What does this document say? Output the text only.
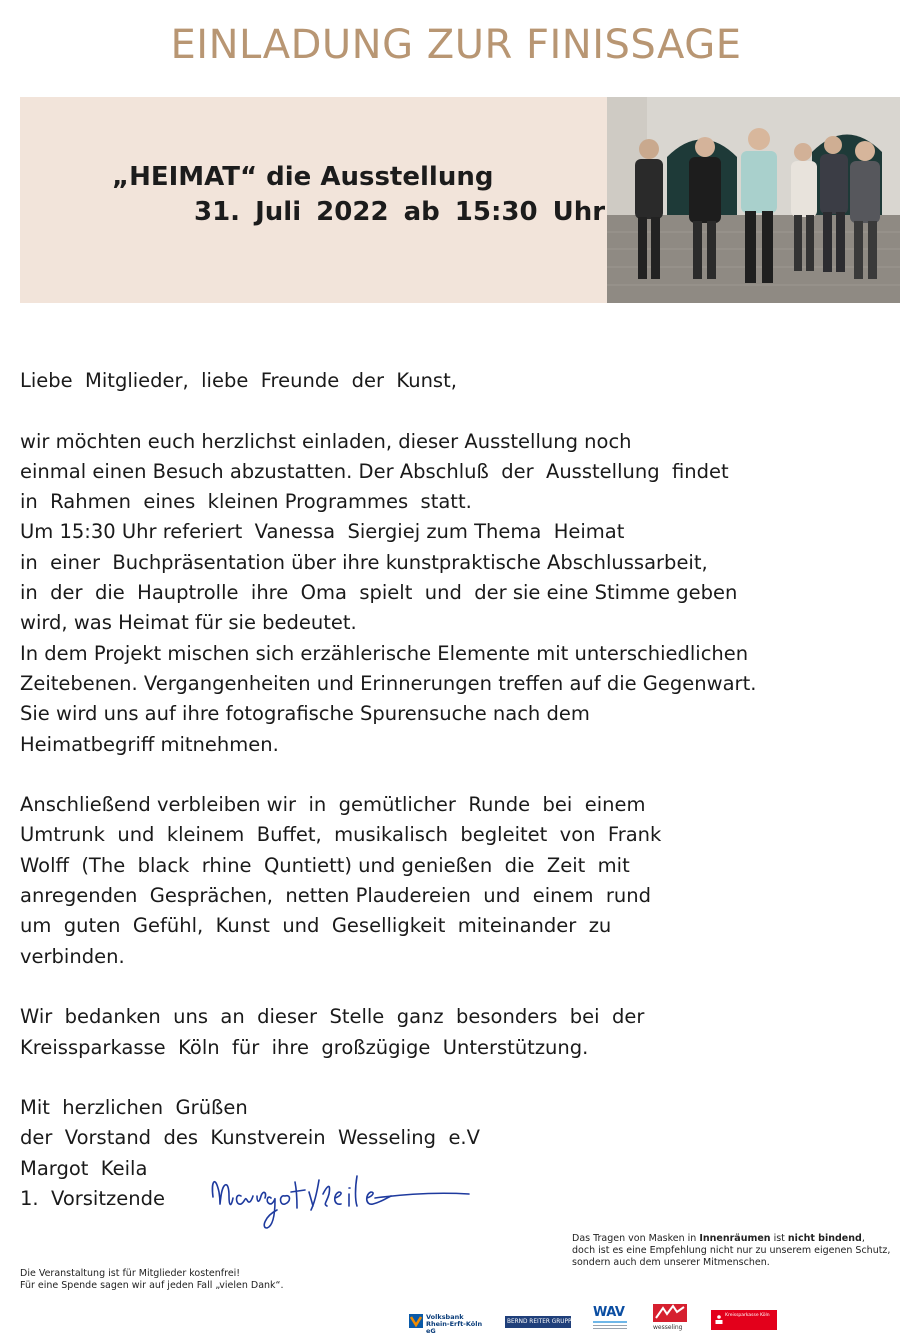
EINLADUNG ZUR FINISSAGE
„HEIMAT“ die Ausstellung
31. Juli 2022 ab 15:30 Uhr
Liebe  Mitglieder,  liebe  Freunde  der  Kunst,
wir möchten euch herzlichst einladen, dieser Ausstellung noch
einmal einen Besuch abzustatten. Der Abschluß  der  Ausstellung  findet
in  Rahmen  eines  kleinen Programmes  statt.
Um 15:30 Uhr referiert  Vanessa  Siergiej zum Thema  Heimat
in  einer  Buchpräsentation über ihre kunstpraktische Abschlussarbeit,
in  der  die  Hauptrolle  ihre  Oma  spielt  und  der sie eine Stimme geben
wird, was Heimat für sie bedeutet.
In dem Projekt mischen sich erzählerische Elemente mit unterschiedlichen
Zeitebenen. Vergangenheiten und Erinnerungen treffen auf die Gegenwart.
Sie wird uns auf ihre fotografische Spurensuche nach dem
Heimatbegriff mitnehmen.
Anschließend verbleiben wir  in  gemütlicher  Runde  bei  einem
Umtrunk  und  kleinem  Buffet,  musikalisch  begleitet  von  Frank
Wolff  (The  black  rhine  Quntiett) und genießen  die  Zeit  mit
anregenden  Gesprächen,  netten Plaudereien  und  einem  rund
um  guten  Gefühl,  Kunst  und  Geselligkeit  miteinander  zu
verbinden.
Wir  bedanken  uns  an  dieser  Stelle  ganz  besonders  bei  der
Kreissparkasse  Köln  für  ihre  großzügige  Unterstützung.
Mit  herzlichen  Grüßen
der  Vorstand  des  Kunstverein  Wesseling  e.V
Margot  Keila
1.  Vorsitzende
Das Tragen von Masken in Innenräumen ist nicht bindend,
doch ist es eine Empfehlung nicht nur zu unserem eigenen Schutz,
sondern auch dem unserer Mitmenschen.
Die Veranstaltung ist für Mitglieder kostenfrei!
Für eine Spende sagen wir auf jeden Fall „vielen Dank“.
Volksbank
Rhein-Erft-Köln eG
BERND REITER GRUPPE
WAV
wesseling
Kreissparkasse Köln
